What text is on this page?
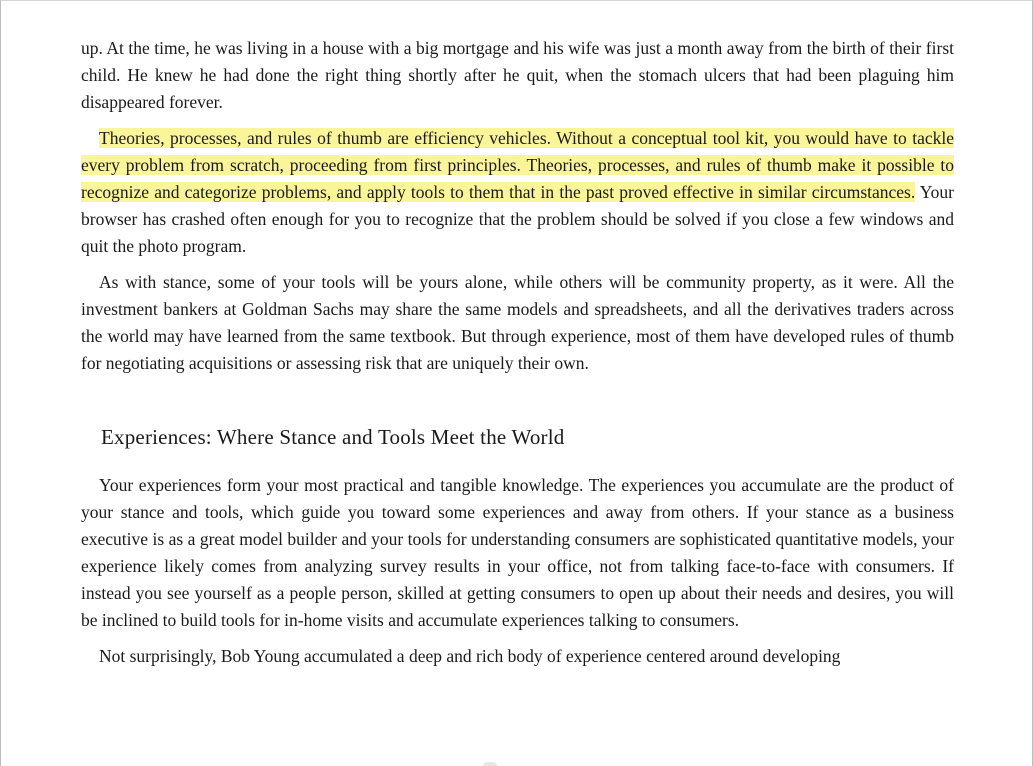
up. At the time, he was living in a house with a big mortgage and his wife was just a month away from the birth of their first child. He knew he had done the right thing shortly after he quit, when the stomach ulcers that had been plaguing him disappeared forever.

Theories, processes, and rules of thumb are efficiency vehicles. Without a conceptual tool kit, you would have to tackle every problem from scratch, proceeding from first principles. Theories, processes, and rules of thumb make it possible to recognize and categorize problems, and apply tools to them that in the past proved effective in similar circumstances. Your browser has crashed often enough for you to recognize that the problem should be solved if you close a few windows and quit the photo program.

As with stance, some of your tools will be yours alone, while others will be community property, as it were. All the investment bankers at Goldman Sachs may share the same models and spreadsheets, and all the derivatives traders across the world may have learned from the same textbook. But through experience, most of them have developed rules of thumb for negotiating acquisitions or assessing risk that are uniquely their own.

Experiences: Where Stance and Tools Meet the World

Your experiences form your most practical and tangible knowledge. The experiences you accumulate are the product of your stance and tools, which guide you toward some experiences and away from others. If your stance as a business executive is as a great model builder and your tools for understanding consumers are sophisticated quantitative models, your experience likely comes from analyzing survey results in your office, not from talking face-to-face with consumers. If instead you see yourself as a people person, skilled at getting consumers to open up about their needs and desires, you will be inclined to build tools for in-home visits and accumulate experiences talking to consumers.

Not surprisingly, Bob Young accumulated a deep and rich body of experience centered around developing
